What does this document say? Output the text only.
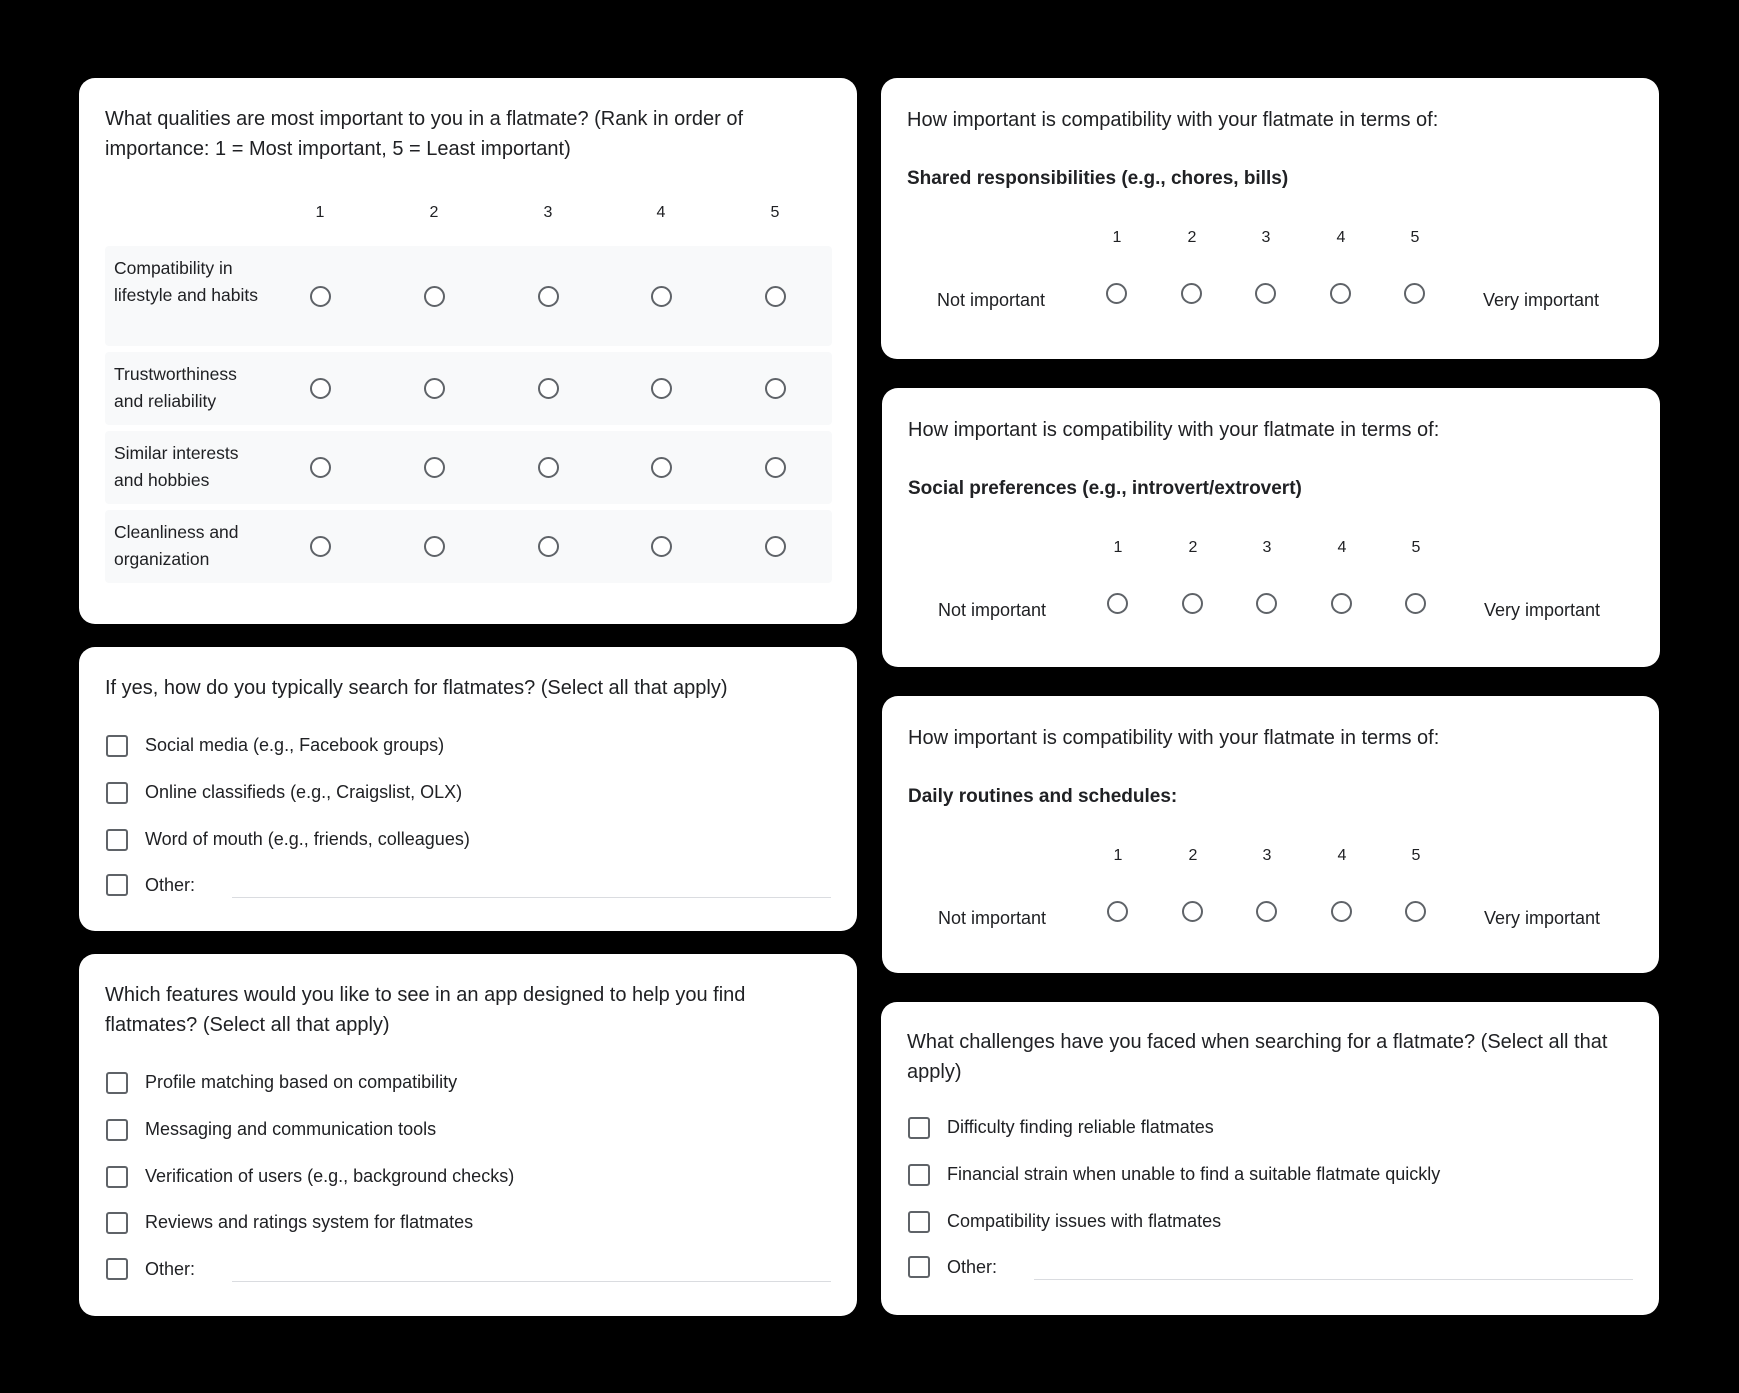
What qualities are most important to you in a flatmate? (Rank in order of importance: 1 = Most important, 5 = Least important)
1	2	3	4	5
Compatibility in lifestyle and habits
Trustworthiness and reliability
Similar interests and hobbies
Cleanliness and organization
If yes, how do you typically search for flatmates? (Select all that apply)
Social media (e.g., Facebook groups)
Online classifieds (e.g., Craigslist, OLX)
Word of mouth (e.g., friends, colleagues)
Other:
Which features would you like to see in an app designed to help you find flatmates? (Select all that apply)
Profile matching based on compatibility
Messaging and communication tools
Verification of users (e.g., background checks)
Reviews and ratings system for flatmates
Other:
How important is compatibility with your flatmate in terms of:
Shared responsibilities (e.g., chores, bills)
1	2	3	4	5
Not important	Very important
How important is compatibility with your flatmate in terms of:
Social preferences (e.g., introvert/extrovert)
1	2	3	4	5
Not important	Very important
How important is compatibility with your flatmate in terms of:
Daily routines and schedules:
1	2	3	4	5
Not important	Very important
What challenges have you faced when searching for a flatmate? (Select all that apply)
Difficulty finding reliable flatmates
Financial strain when unable to find a suitable flatmate quickly
Compatibility issues with flatmates
Other:
